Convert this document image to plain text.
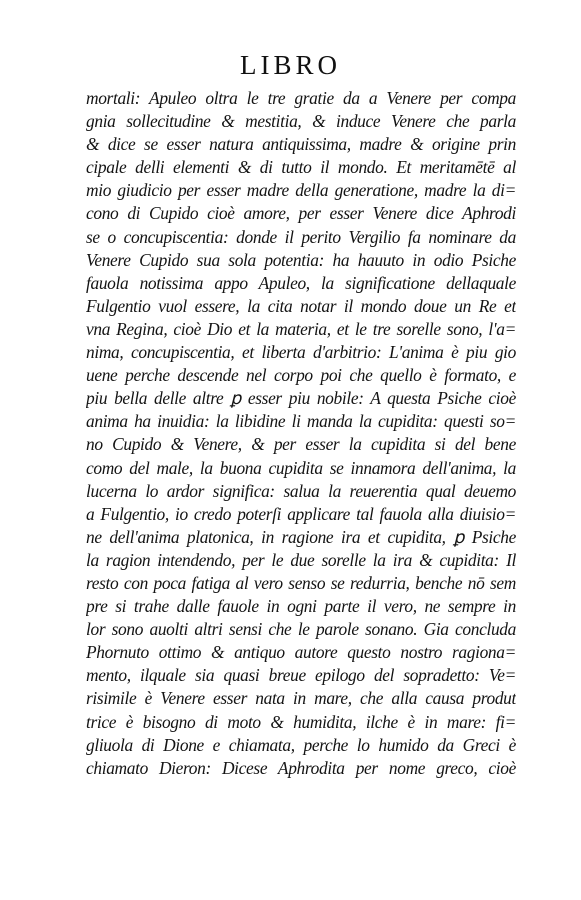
LIBRO
mortali: Apuleo oltra le tre gratie da a Venere per compa
gnia sollecitudine & mestitia, & induce Venere che parla
& dice se esser natura antiquissima, madre & origine prin
cipale delli elementi & di tutto il mondo. Et meritamētē al
mio giudicio per esser madre della generatione, madre la di=
cono di Cupido cioè amore, per esser Venere dice Aphrodi
se o concupiscentia: donde il perito Vergilio fa nominare da
Venere Cupido sua sola potentia: ha hauuto in odio Psiche
fauola notissima appo Apuleo, la significatione dellaquale
Fulgentio vuol essere, la cita notar il mondo doue un Re et
vna Regina, cioè Dio et la materia, et le tre sorelle sono, l'a=
nima, concupiscentia, et liberta d'arbitrio: L'anima è piu gio
uene perche descende nel corpo poi che quello è formato, e
piu bella delle altre ꝑ esser piu nobile: A questa Psiche cioè
anima ha inuidia: la libidine li manda la cupidita: questi so=
no Cupido & Venere, & per esser la cupidita si del bene
como del male, la buona cupidita se innamora dell'anima, la
lucerna lo ardor significa: salua la reuerentia qual deuemo
a Fulgentio, io credo poterſi applicare tal fauola alla diuisio=
ne dell'anima platonica, in ragione ira et cupidita, ꝑ Psiche
la ragion intendendo, per le due sorelle la ira & cupidita: Il
resto con poca fatiga al vero senso se redurria, benche nō sem
pre si trahe dalle fauole in ogni parte il vero, ne sempre in
lor sono auolti altri sensi che le parole sonano. Gia concluda
Phornuto ottimo & antiquo autore questo nostro ragiona=
mento, ilquale sia quasi breue epilogo del sopradetto: Ve=
risimile è Venere esser nata in mare, che alla causa produt
trice è bisogno di moto & humidita, ilche è in mare: fi=
gliuola di Dione e chiamata, perche lo humido da Greci è
chiamato Dieron: Dicese Aphrodita per nome greco, cioè
